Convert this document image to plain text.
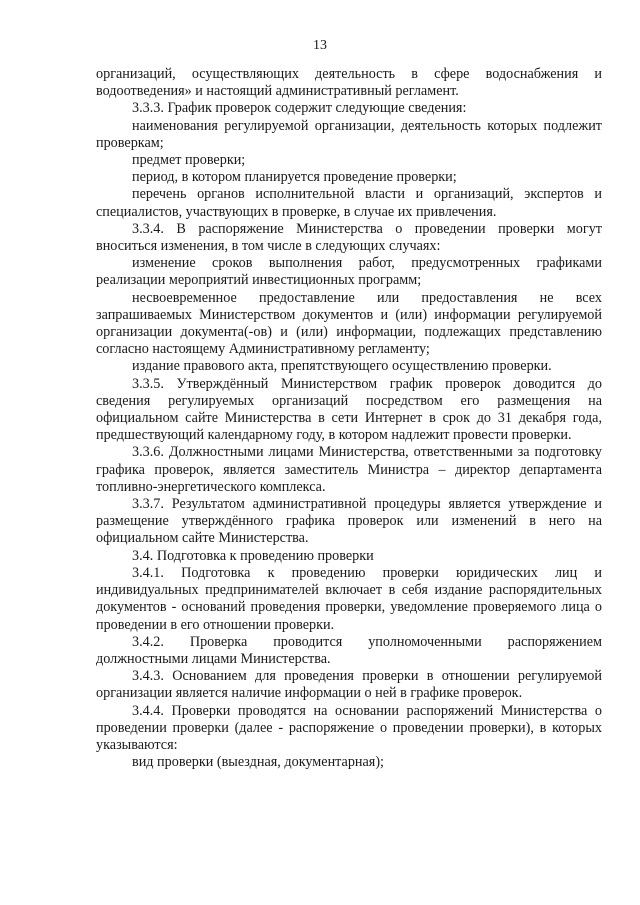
13

организаций, осуществляющих деятельность в сфере водоснабжения и водоотведения» и настоящий административный регламент.

3.3.3. График проверок содержит следующие сведения:

наименования регулируемой организации, деятельность которых подлежит проверкам;

предмет проверки;

период, в котором планируется проведение проверки;

перечень органов исполнительной власти и организаций, экспертов и специалистов, участвующих в проверке, в случае их привлечения.

3.3.4. В распоряжение Министерства о проведении проверки могут вноситься изменения, в том числе в следующих случаях:

изменение сроков выполнения работ, предусмотренных графиками реализации мероприятий инвестиционных программ;

несвоевременное предоставление или предоставления не всех запрашиваемых Министерством документов и (или) информации регулируемой организации документа(-ов) и (или) информации, подлежащих представлению согласно настоящему Административному регламенту;

издание правового акта, препятствующего осуществлению проверки.

3.3.5. Утверждённый Министерством график проверок доводится до сведения регулируемых организаций посредством его размещения на официальном сайте Министерства в сети Интернет в срок до 31 декабря года, предшествующий календарному году, в котором надлежит провести проверки.

3.3.6. Должностными лицами Министерства, ответственными за подготовку графика проверок, является заместитель Министра – директор департамента топливно-энергетического комплекса.

3.3.7. Результатом административной процедуры является утверждение и размещение утверждённого графика проверок или изменений в него на официальном сайте Министерства.

3.4. Подготовка к проведению проверки

3.4.1. Подготовка к проведению проверки юридических лиц и индивидуальных предпринимателей включает в себя издание распорядительных документов - оснований проведения проверки, уведомление проверяемого лица о проведении в его отношении проверки.

3.4.2. Проверка проводится уполномоченными распоряжением должностными лицами Министерства.

3.4.3. Основанием для проведения проверки в отношении регулируемой организации является наличие информации о ней в графике проверок.

3.4.4. Проверки проводятся на основании распоряжений Министерства о проведении проверки (далее - распоряжение о проведении проверки), в которых указываются:

вид проверки (выездная, документарная);
